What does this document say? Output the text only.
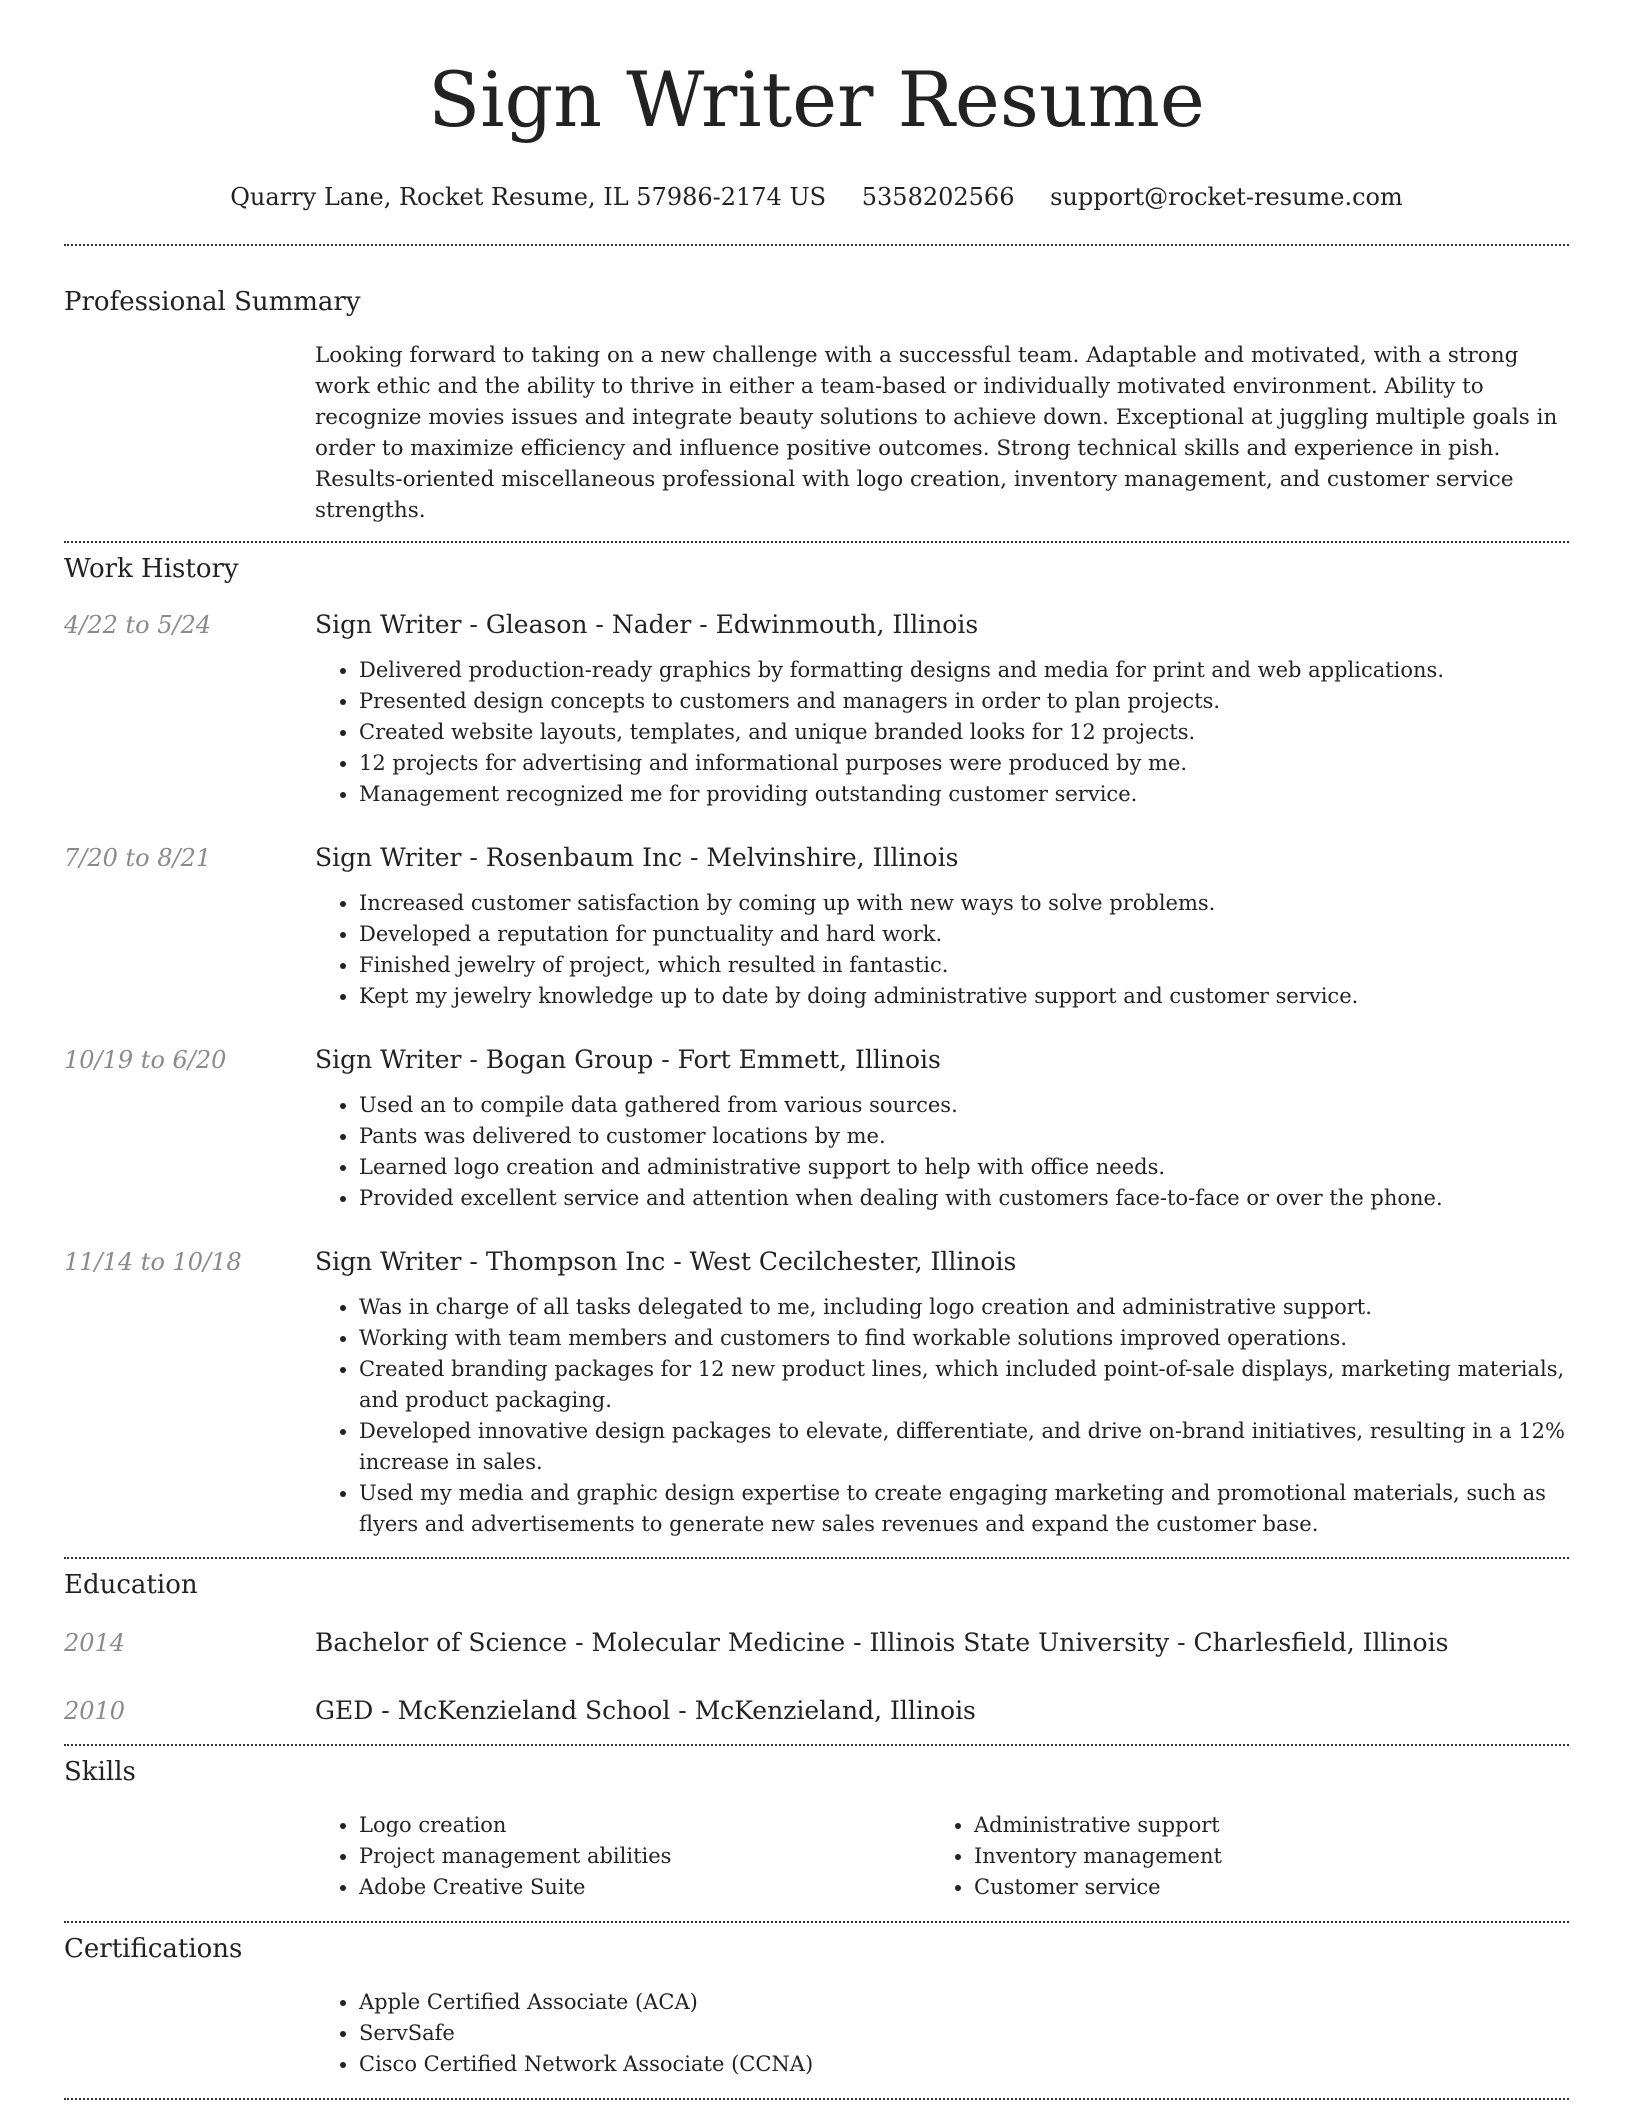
Sign Writer Resume
Quarry Lane, Rocket Resume, IL 57986-2174 US 5358202566 support@rocket-resume.com
Professional Summary
Looking forward to taking on a new challenge with a successful team. Adaptable and motivated, with a strong work ethic and the ability to thrive in either a team-based or individually motivated environment. Ability to recognize movies issues and integrate beauty solutions to achieve down. Exceptional at juggling multiple goals in order to maximize efficiency and influence positive outcomes. Strong technical skills and experience in pish. Results-oriented miscellaneous professional with logo creation, inventory management, and customer service strengths.
Work History
4/22 to 5/24	Sign Writer - Gleason - Nader - Edwinmouth, Illinois
• Delivered production-ready graphics by formatting designs and media for print and web applications.
• Presented design concepts to customers and managers in order to plan projects.
• Created website layouts, templates, and unique branded looks for 12 projects.
• 12 projects for advertising and informational purposes were produced by me.
• Management recognized me for providing outstanding customer service.
7/20 to 8/21	Sign Writer - Rosenbaum Inc - Melvinshire, Illinois
• Increased customer satisfaction by coming up with new ways to solve problems.
• Developed a reputation for punctuality and hard work.
• Finished jewelry of project, which resulted in fantastic.
• Kept my jewelry knowledge up to date by doing administrative support and customer service.
10/19 to 6/20	Sign Writer - Bogan Group - Fort Emmett, Illinois
• Used an to compile data gathered from various sources.
• Pants was delivered to customer locations by me.
• Learned logo creation and administrative support to help with office needs.
• Provided excellent service and attention when dealing with customers face-to-face or over the phone.
11/14 to 10/18	Sign Writer - Thompson Inc - West Cecilchester, Illinois
• Was in charge of all tasks delegated to me, including logo creation and administrative support.
• Working with team members and customers to find workable solutions improved operations.
• Created branding packages for 12 new product lines, which included point-of-sale displays, marketing materials, and product packaging.
• Developed innovative design packages to elevate, differentiate, and drive on-brand initiatives, resulting in a 12% increase in sales.
• Used my media and graphic design expertise to create engaging marketing and promotional materials, such as flyers and advertisements to generate new sales revenues and expand the customer base.
Education
2014	Bachelor of Science - Molecular Medicine - Illinois State University - Charlesfield, Illinois
2010	GED - McKenzieland School - McKenzieland, Illinois
Skills
• Logo creation
• Project management abilities
• Adobe Creative Suite
• Administrative support
• Inventory management
• Customer service
Certifications
• Apple Certified Associate (ACA)
• ServSafe
• Cisco Certified Network Associate (CCNA)
